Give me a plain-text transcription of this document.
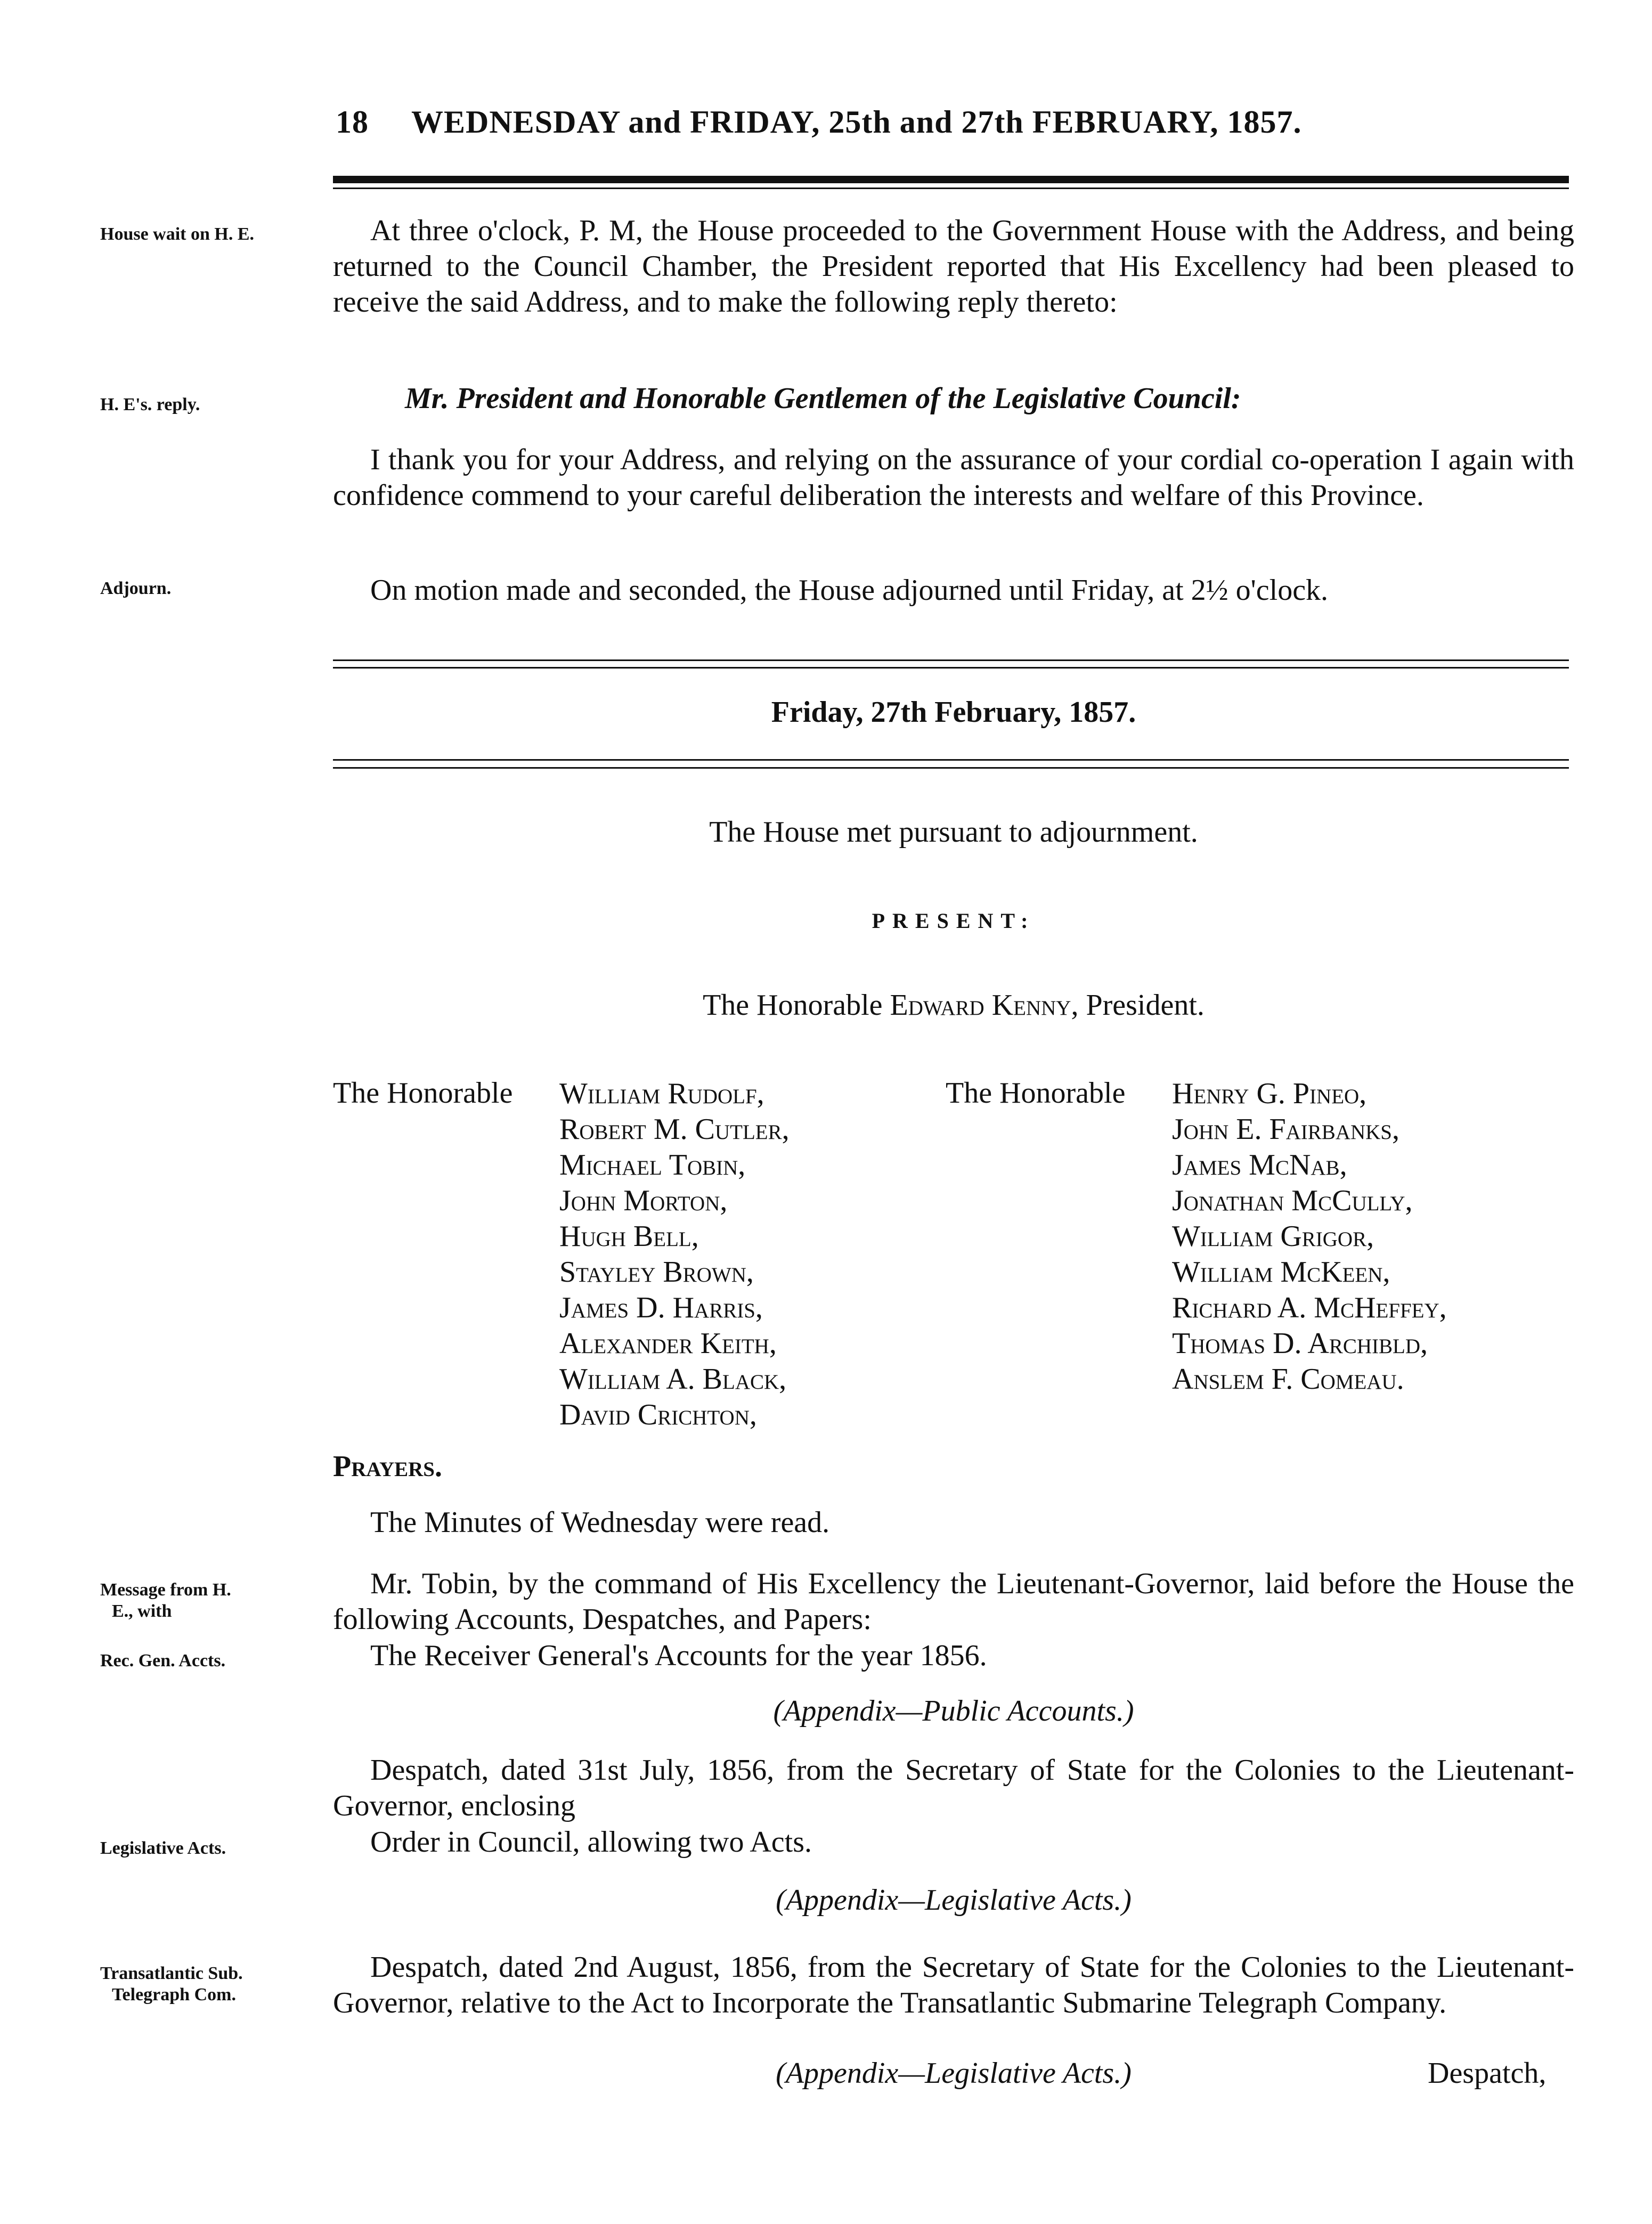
18 WEDNESDAY and FRIDAY, 25th and 27th FEBRUARY, 1857.
House wait on H. E.
H. E's. reply.
Adjourn.
Message from H.
E., with
Rec. Gen. Accts.
Legislative Acts.
Transatlantic Sub.
Telegraph Com.
At three o'clock, P. M, the House proceeded to the Government House with the Address, and being returned to the Council Chamber, the President reported that His Excellency had been pleased to receive the said Address, and to make the following reply thereto:
Mr. President and Honorable Gentlemen of the Legislative Council:
I thank you for your Address, and relying on the assurance of your cordial co-operation I again with confidence commend to your careful deliberation the interests and welfare of this Province.
On motion made and seconded, the House adjourned until Friday, at 2½ o'clock.
Friday, 27th February, 1857.
The House met pursuant to adjournment.
PRESENT:
The Honorable Edward Kenny, President.
The Honorable William Rudolf,
Robert M. Cutler,
Michael Tobin,
John Morton,
Hugh Bell,
Stayley Brown,
James D. Harris,
Alexander Keith,
William A. Black,
David Crichton,
The Honorable Henry G. Pineo,
John E. Fairbanks,
James McNab,
Jonathan McCully,
William Grigor,
William McKeen,
Richard A. McHeffey,
Thomas D. Archibld,
Anslem F. Comeau.
Prayers.
The Minutes of Wednesday were read.
Mr. Tobin, by the command of His Excellency the Lieutenant-Governor, laid before the House the following Accounts, Despatches, and Papers:
The Receiver General's Accounts for the year 1856.
(Appendix—Public Accounts.)
Despatch, dated 31st July, 1856, from the Secretary of State for the Colonies to the Lieutenant-Governor, enclosing
Order in Council, allowing two Acts.
(Appendix—Legislative Acts.)
Despatch, dated 2nd August, 1856, from the Secretary of State for the Colonies to the Lieutenant-Governor, relative to the Act to Incorporate the Transatlantic Submarine Telegraph Company.
(Appendix—Legislative Acts.)	Despatch,
